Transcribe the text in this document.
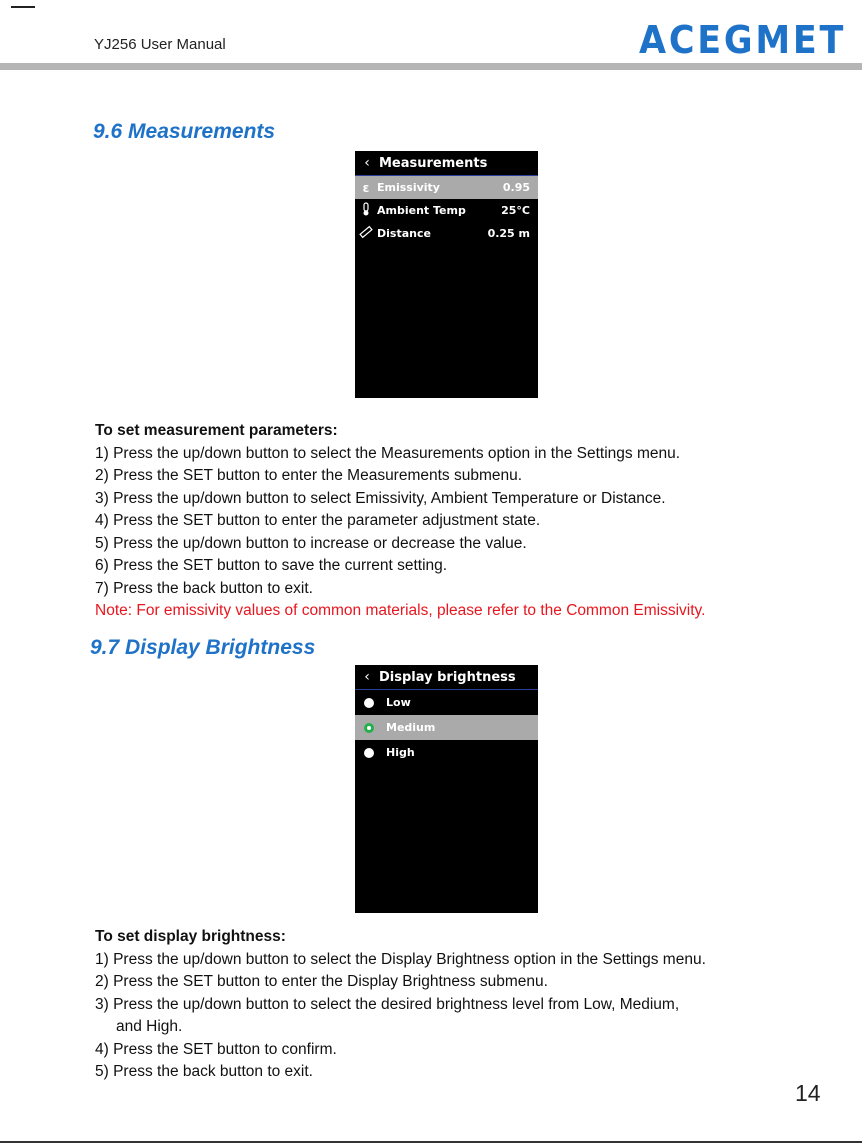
YJ256 User Manual	ACEGMET
9.6 Measurements
‹ Measurements
ε Emissivity	0.95
Ambient Temp	25°C
Distance	0.25 m

To set measurement parameters:

1) Press the up/down button to select the Measurements option in the Settings menu.

2) Press the SET button to enter the Measurements submenu.

3) Press the up/down button to select Emissivity, Ambient Temperature or Distance.

4) Press the SET button to enter the parameter adjustment state.

5) Press the up/down button to increase or decrease the value.

6) Press the SET button to save the current setting.

7) Press the back button to exit.

Note: For emissivity values of common materials, please refer to the Common Emissivity.

9.7 Display Brightness
‹ Display brightness
Low
Medium
High

To set display brightness:

1) Press the up/down button to select the Display Brightness option in the Settings menu.

2) Press the SET button to enter the Display Brightness submenu.

3) Press the up/down button to select the desired brightness level from Low, Medium,

and High.

4) Press the SET button to confirm.

5) Press the back button to exit.

14
